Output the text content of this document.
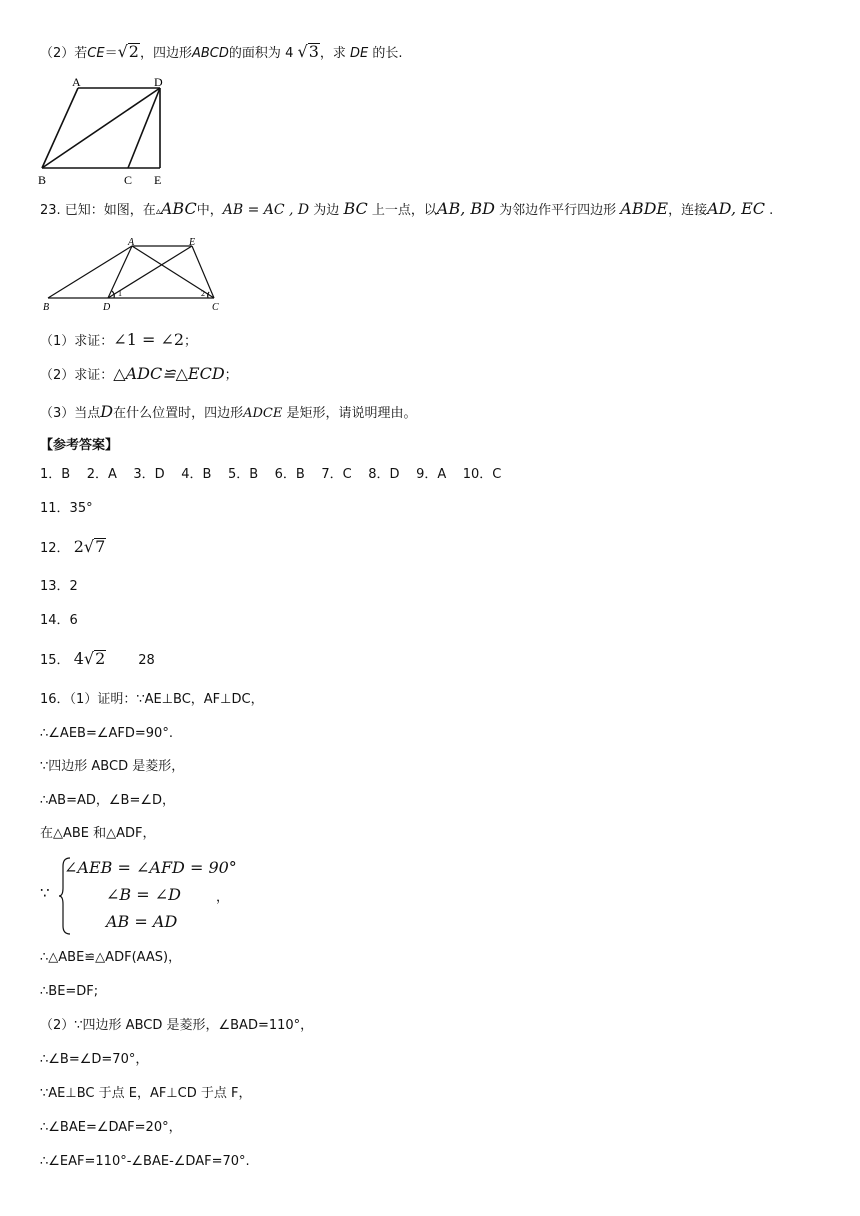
（2）若CE＝√2，四边形ABCD的面积为 4 √3，求 DE 的长.
A	D
B	C E
23. 已知：如图，在▵ABC中，AB = AC , D 为边 BC 上一点，以AB, BD 为邻边作平行四边形 ABDE，连接AD, EC .
A	E
B	D	C
1	2
（1）求证：∠1 = ∠2；
（2）求证：△ADC≌△ECD；
（3）当点D在什么位置时，四边形ADCE 是矩形，请说明理由。
【参考答案】
1．B    2．A    3．D    4．B    5．B    6．B    7．C    8．D    9．A    10．C
11．35°
12． 2√7
13．2
14．6
15． 4√2	28
16．（1）证明：∵AE⊥BC，AF⊥DC，
∴∠AEB=∠AFD=90°.
∵四边形 ABCD 是菱形，
∴AB=AD，∠B=∠D，
在△ABE 和△ADF，
∵
∠AEB = ∠AFD = 90°
∠B = ∠D
AB = AD
，
∴△ABE≌△ADF(AAS)，
∴BE=DF;
（2）∵四边形 ABCD 是菱形，∠BAD=110°，
∴∠B=∠D=70°，
∵AE⊥BC 于点 E，AF⊥CD 于点 F，
∴∠BAE=∠DAF=20°，
∴∠EAF=110°-∠BAE-∠DAF=70°.
